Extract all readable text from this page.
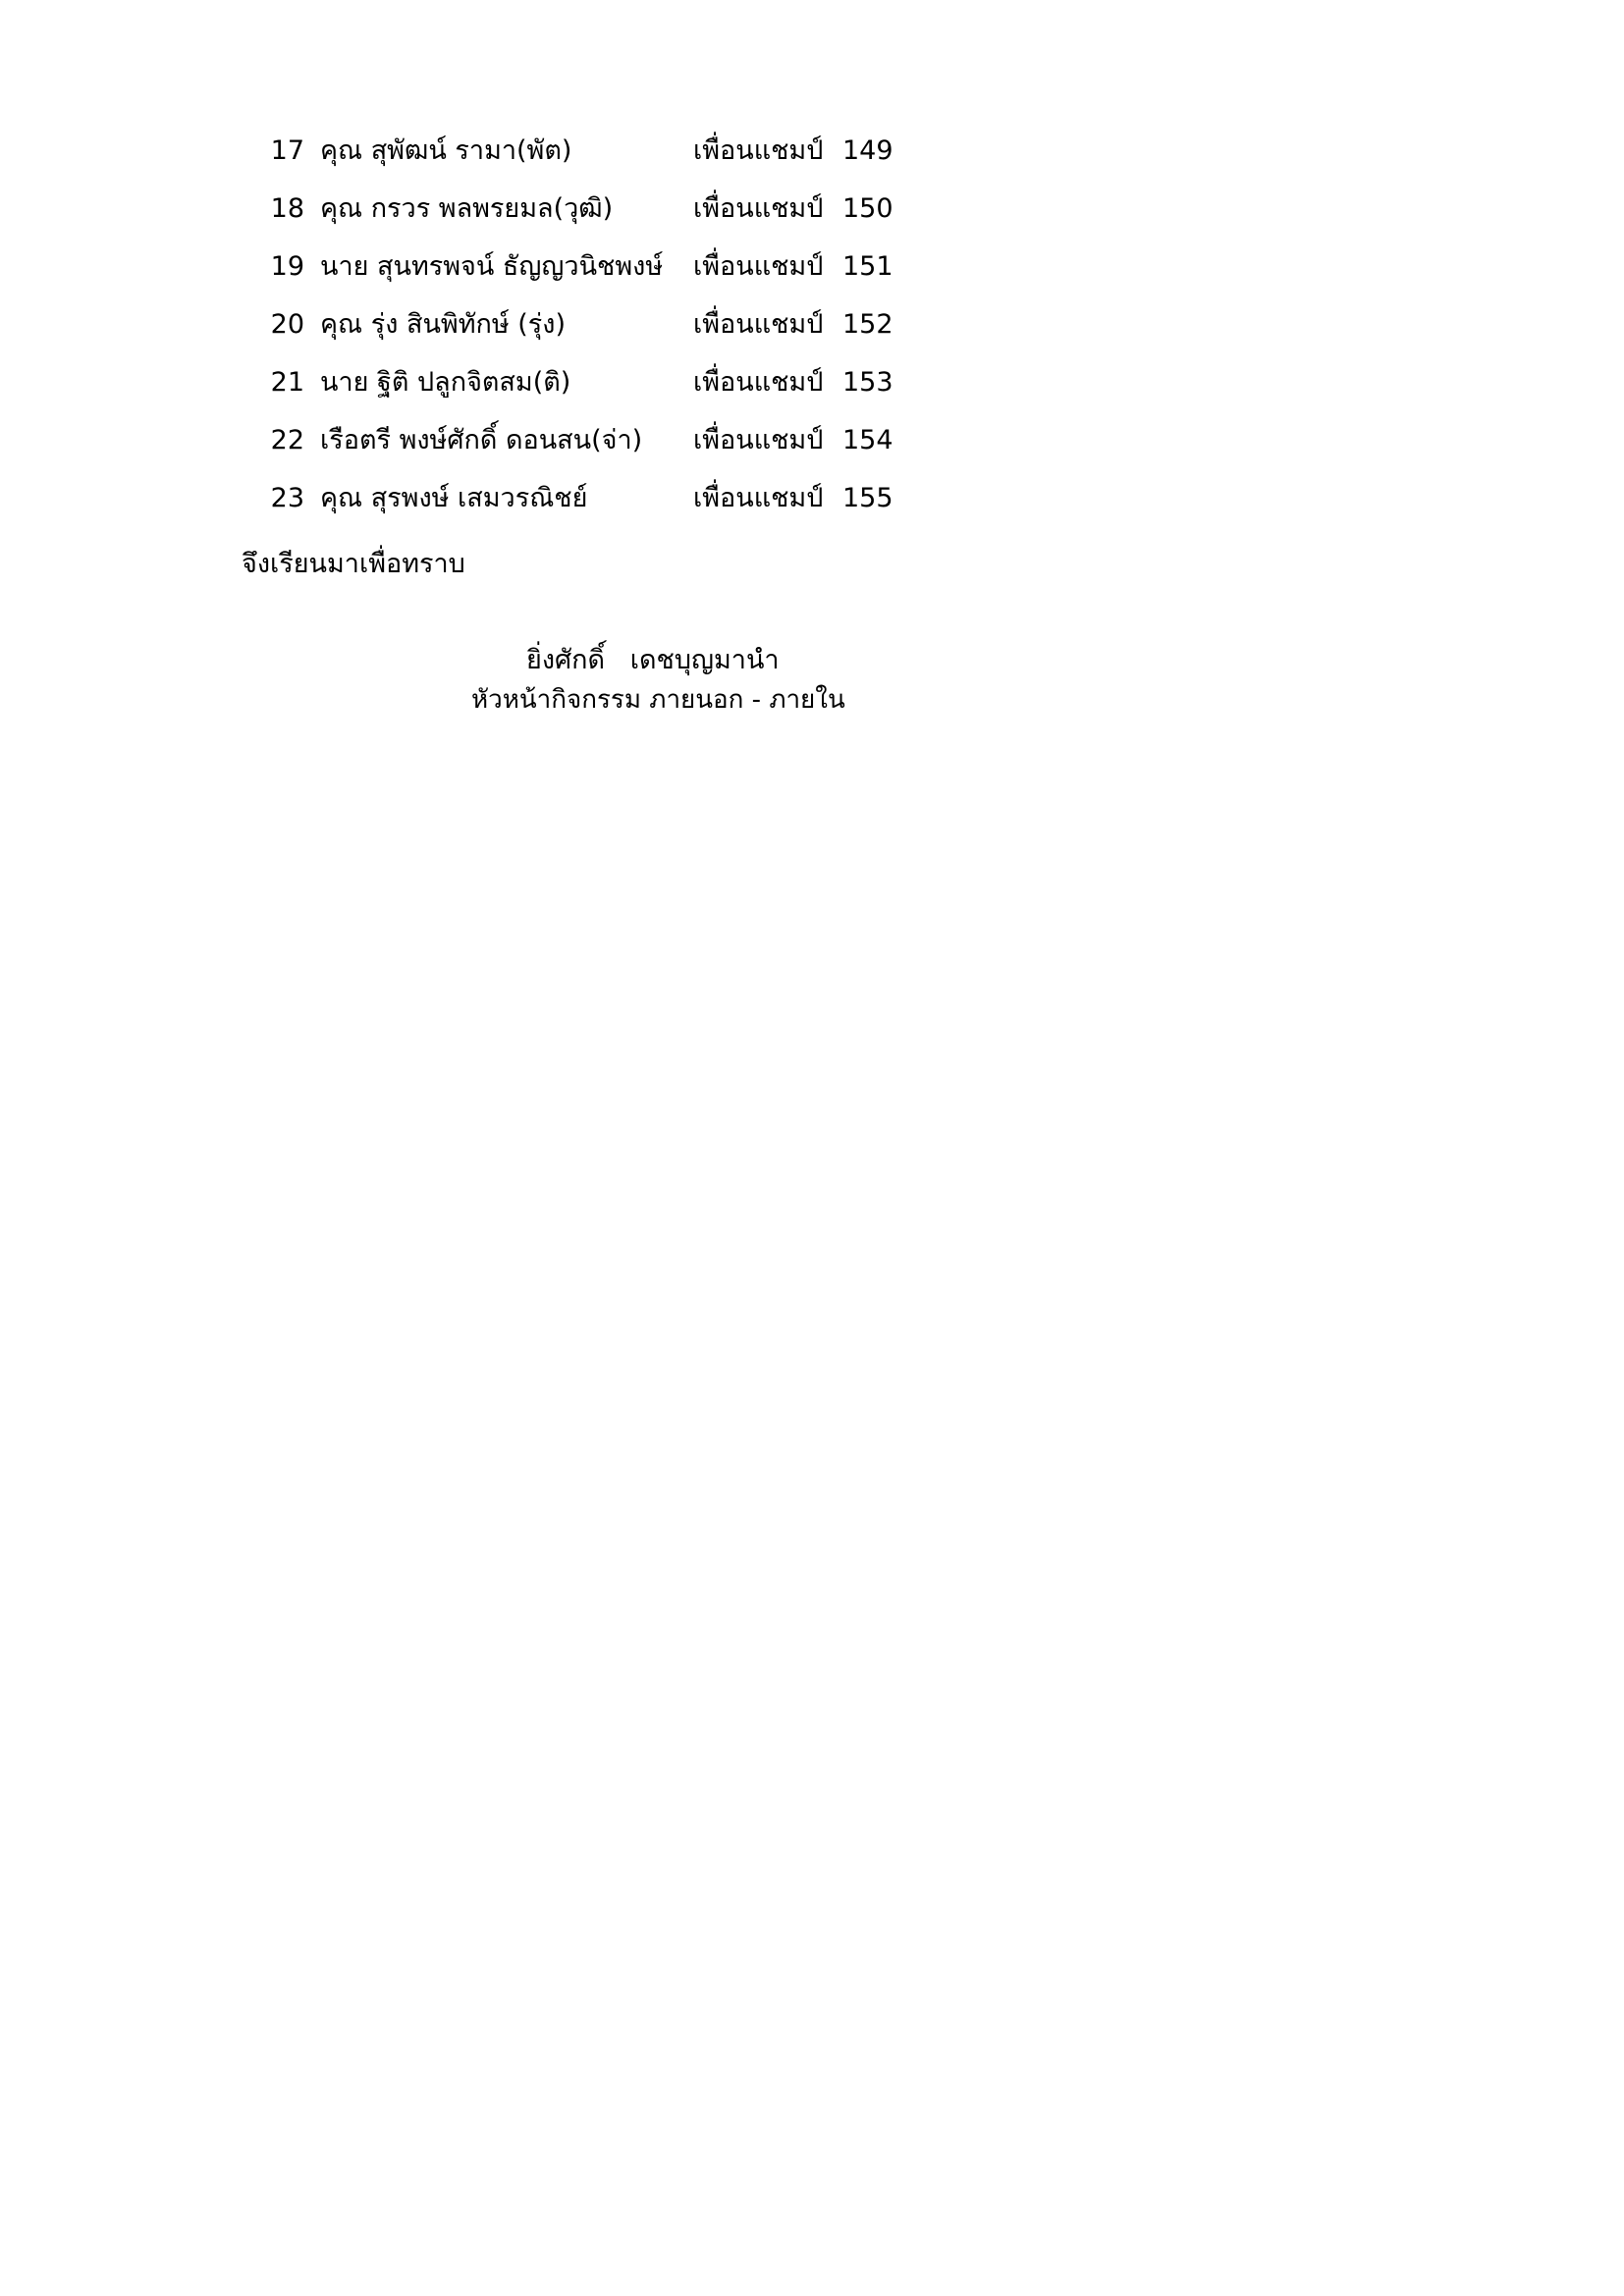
17 คุณ สุพัฒน์ รามา(พัต)	เพื่อนแชมป์ 149
18 คุณ กรวร พลพรยมล(วุฒิ)	เพื่อนแชมป์ 150
19 นาย สุนทรพจน์ ธัญญวนิชพงษ์	เพื่อนแชมป์ 151
20 คุณ รุ่ง สินพิทักษ์ (รุ่ง)	เพื่อนแชมป์ 152
21 นาย ฐิติ ปลูกจิตสม(ติ)	เพื่อนแชมป์ 153
22 เรือตรี พงษ์ศักดิ์ ดอนสน(จ่า)	เพื่อนแชมป์ 154
23 คุณ สุรพงษ์ เสมวรณิชย์	เพื่อนแชมป์ 155
จึงเรียนมาเพื่อทราบ
ยิ่งศักดิ์   เดชบุญมานำ
หัวหน้ากิจกรรม ภายนอก - ภายใน
